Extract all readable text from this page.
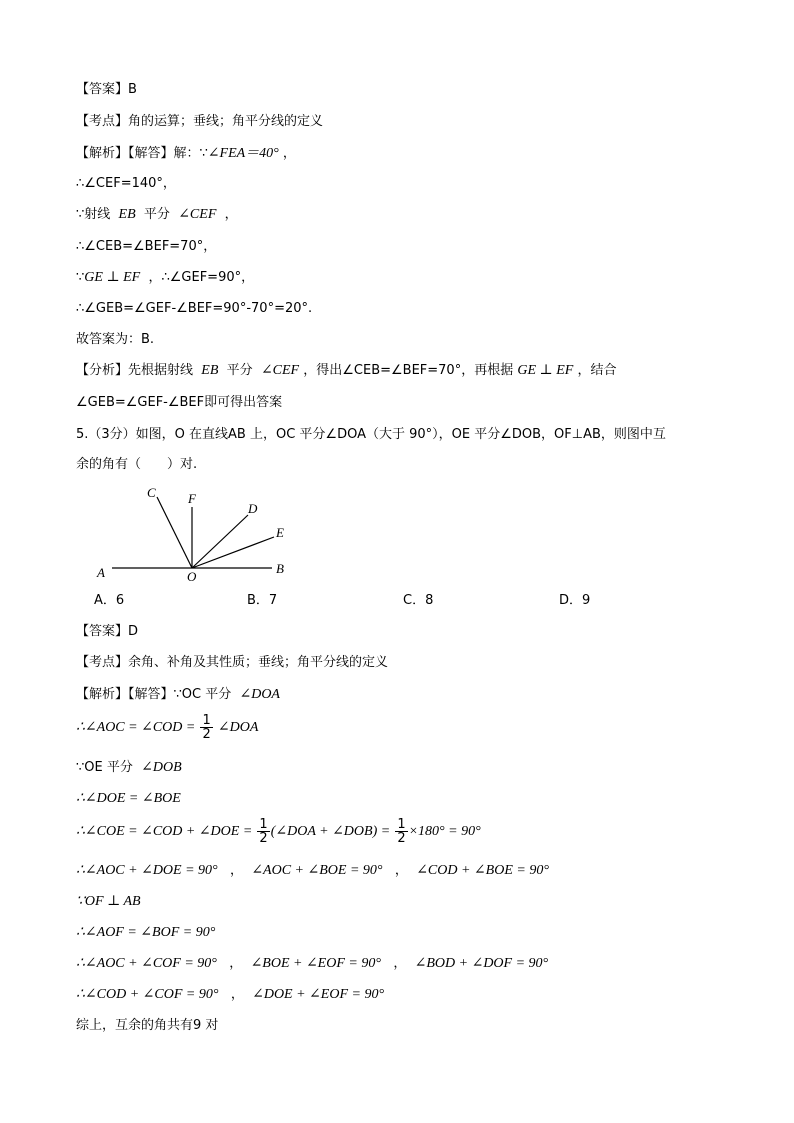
【答案】B
【考点】角的运算；垂线；角平分线的定义
【解析】【解答】解：∵∠FEA＝40° ，
∴∠CEF=140°，
∵射线 EB 平分 ∠CEF ，
∴∠CEB=∠BEF=70°，
∵GE ⊥ EF ，∴∠GEF=90°，
∴∠GEB=∠GEF-∠BEF=90°-70°=20°.
故答案为：B.
【分析】先根据射线 EB 平分 ∠CEF ，得出∠CEB=∠BEF=70°，再根据 GE ⊥ EF ，结合
∠GEB=∠GEF-∠BEF即可得出答案
5.（3分）如图，O 在直线AB 上，OC 平分∠DOA（大于 90°），OE 平分∠DOB，OF⊥AB，则图中互
余的角有（　　）对.
A	B
C F
D
E
O
A．6	B．7	C．8	D．9
【答案】D
【考点】余角、补角及其性质；垂线；角平分线的定义
【解析】【解答】∵OC 平分 ∠DOA
∴∠AOC = ∠COD = $\frac{1}{2}$ ∠DOA
∵OE 平分 ∠DOB
∴∠DOE = ∠BOE
∴∠COE = ∠COD + ∠DOE = $\frac{1}{2}$ (∠DOA + ∠DOB) = $\frac{1}{2} \times 180^\circ = 90^\circ$
∴∠AOC + ∠DOE = 90° ， ∠AOC + ∠BOE = 90° ， ∠COD + ∠BOE = 90°
∵OF ⊥ AB
∴∠AOF = ∠BOF = 90°
∴∠AOC + ∠COF = 90° ， ∠BOE + ∠EOF = 90° ， ∠BOD + ∠DOF = 90°
∴∠COD + ∠COF = 90° ， ∠DOE + ∠EOF = 90°
综上，互余的角共有9 对
